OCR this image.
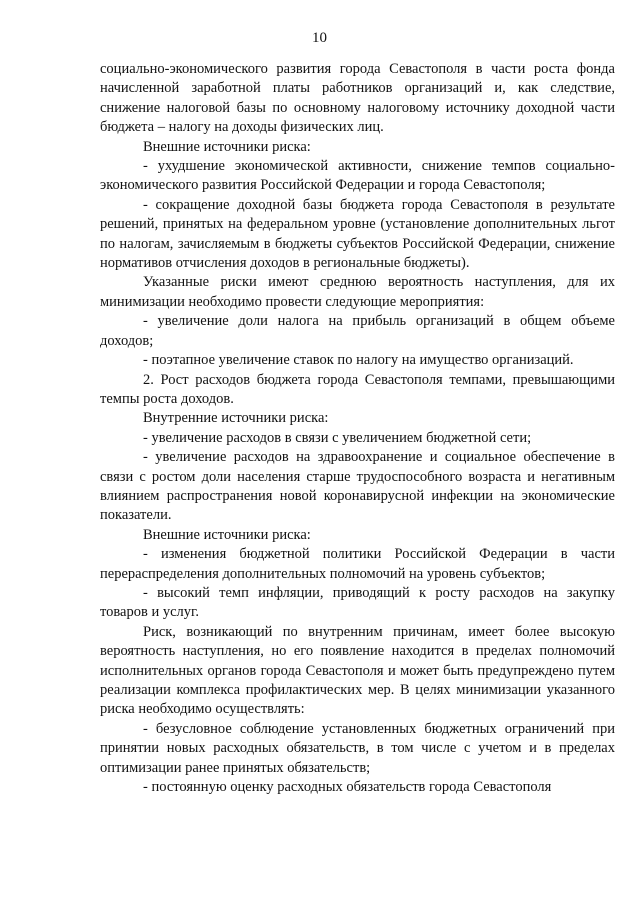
10

социально-экономического развития города Севастополя в части роста фонда начисленной заработной платы работников организаций и, как следствие, снижение налоговой базы по основному налоговому источнику доходной части бюджета – налогу на доходы физических лиц.

Внешние источники риска:

- ухудшение экономической активности, снижение темпов социально-экономического развития Российской Федерации и города Севастополя;

- сокращение доходной базы бюджета города Севастополя в результате решений, принятых на федеральном уровне (установление дополнительных льгот по налогам, зачисляемым в бюджеты субъектов Российской Федерации, снижение нормативов отчисления доходов в региональные бюджеты).

Указанные риски имеют среднюю вероятность наступления, для их минимизации необходимо провести следующие мероприятия:

- увеличение доли налога на прибыль организаций в общем объеме доходов;

- поэтапное увеличение ставок по налогу на имущество организаций.

2. Рост расходов бюджета города Севастополя темпами, превышающими темпы роста доходов.

Внутренние источники риска:

- увеличение расходов в связи с увеличением бюджетной сети;

- увеличение расходов на здравоохранение и социальное обеспечение в связи с ростом доли населения старше трудоспособного возраста и негативным влиянием распространения новой коронавирусной инфекции на экономические показатели.

Внешние источники риска:

- изменения бюджетной политики Российской Федерации в части перераспределения дополнительных полномочий на уровень субъектов;

- высокий темп инфляции, приводящий к росту расходов на закупку товаров и услуг.

Риск, возникающий по внутренним причинам, имеет более высокую вероятность наступления, но его появление находится в пределах полномочий исполнительных органов города Севастополя и может быть предупреждено путем реализации комплекса профилактических мер. В целях минимизации указанного риска необходимо осуществлять:

- безусловное соблюдение установленных бюджетных ограничений при принятии новых расходных обязательств, в том числе с учетом и в пределах оптимизации ранее принятых обязательств;

- постоянную оценку расходных обязательств города Севастополя
